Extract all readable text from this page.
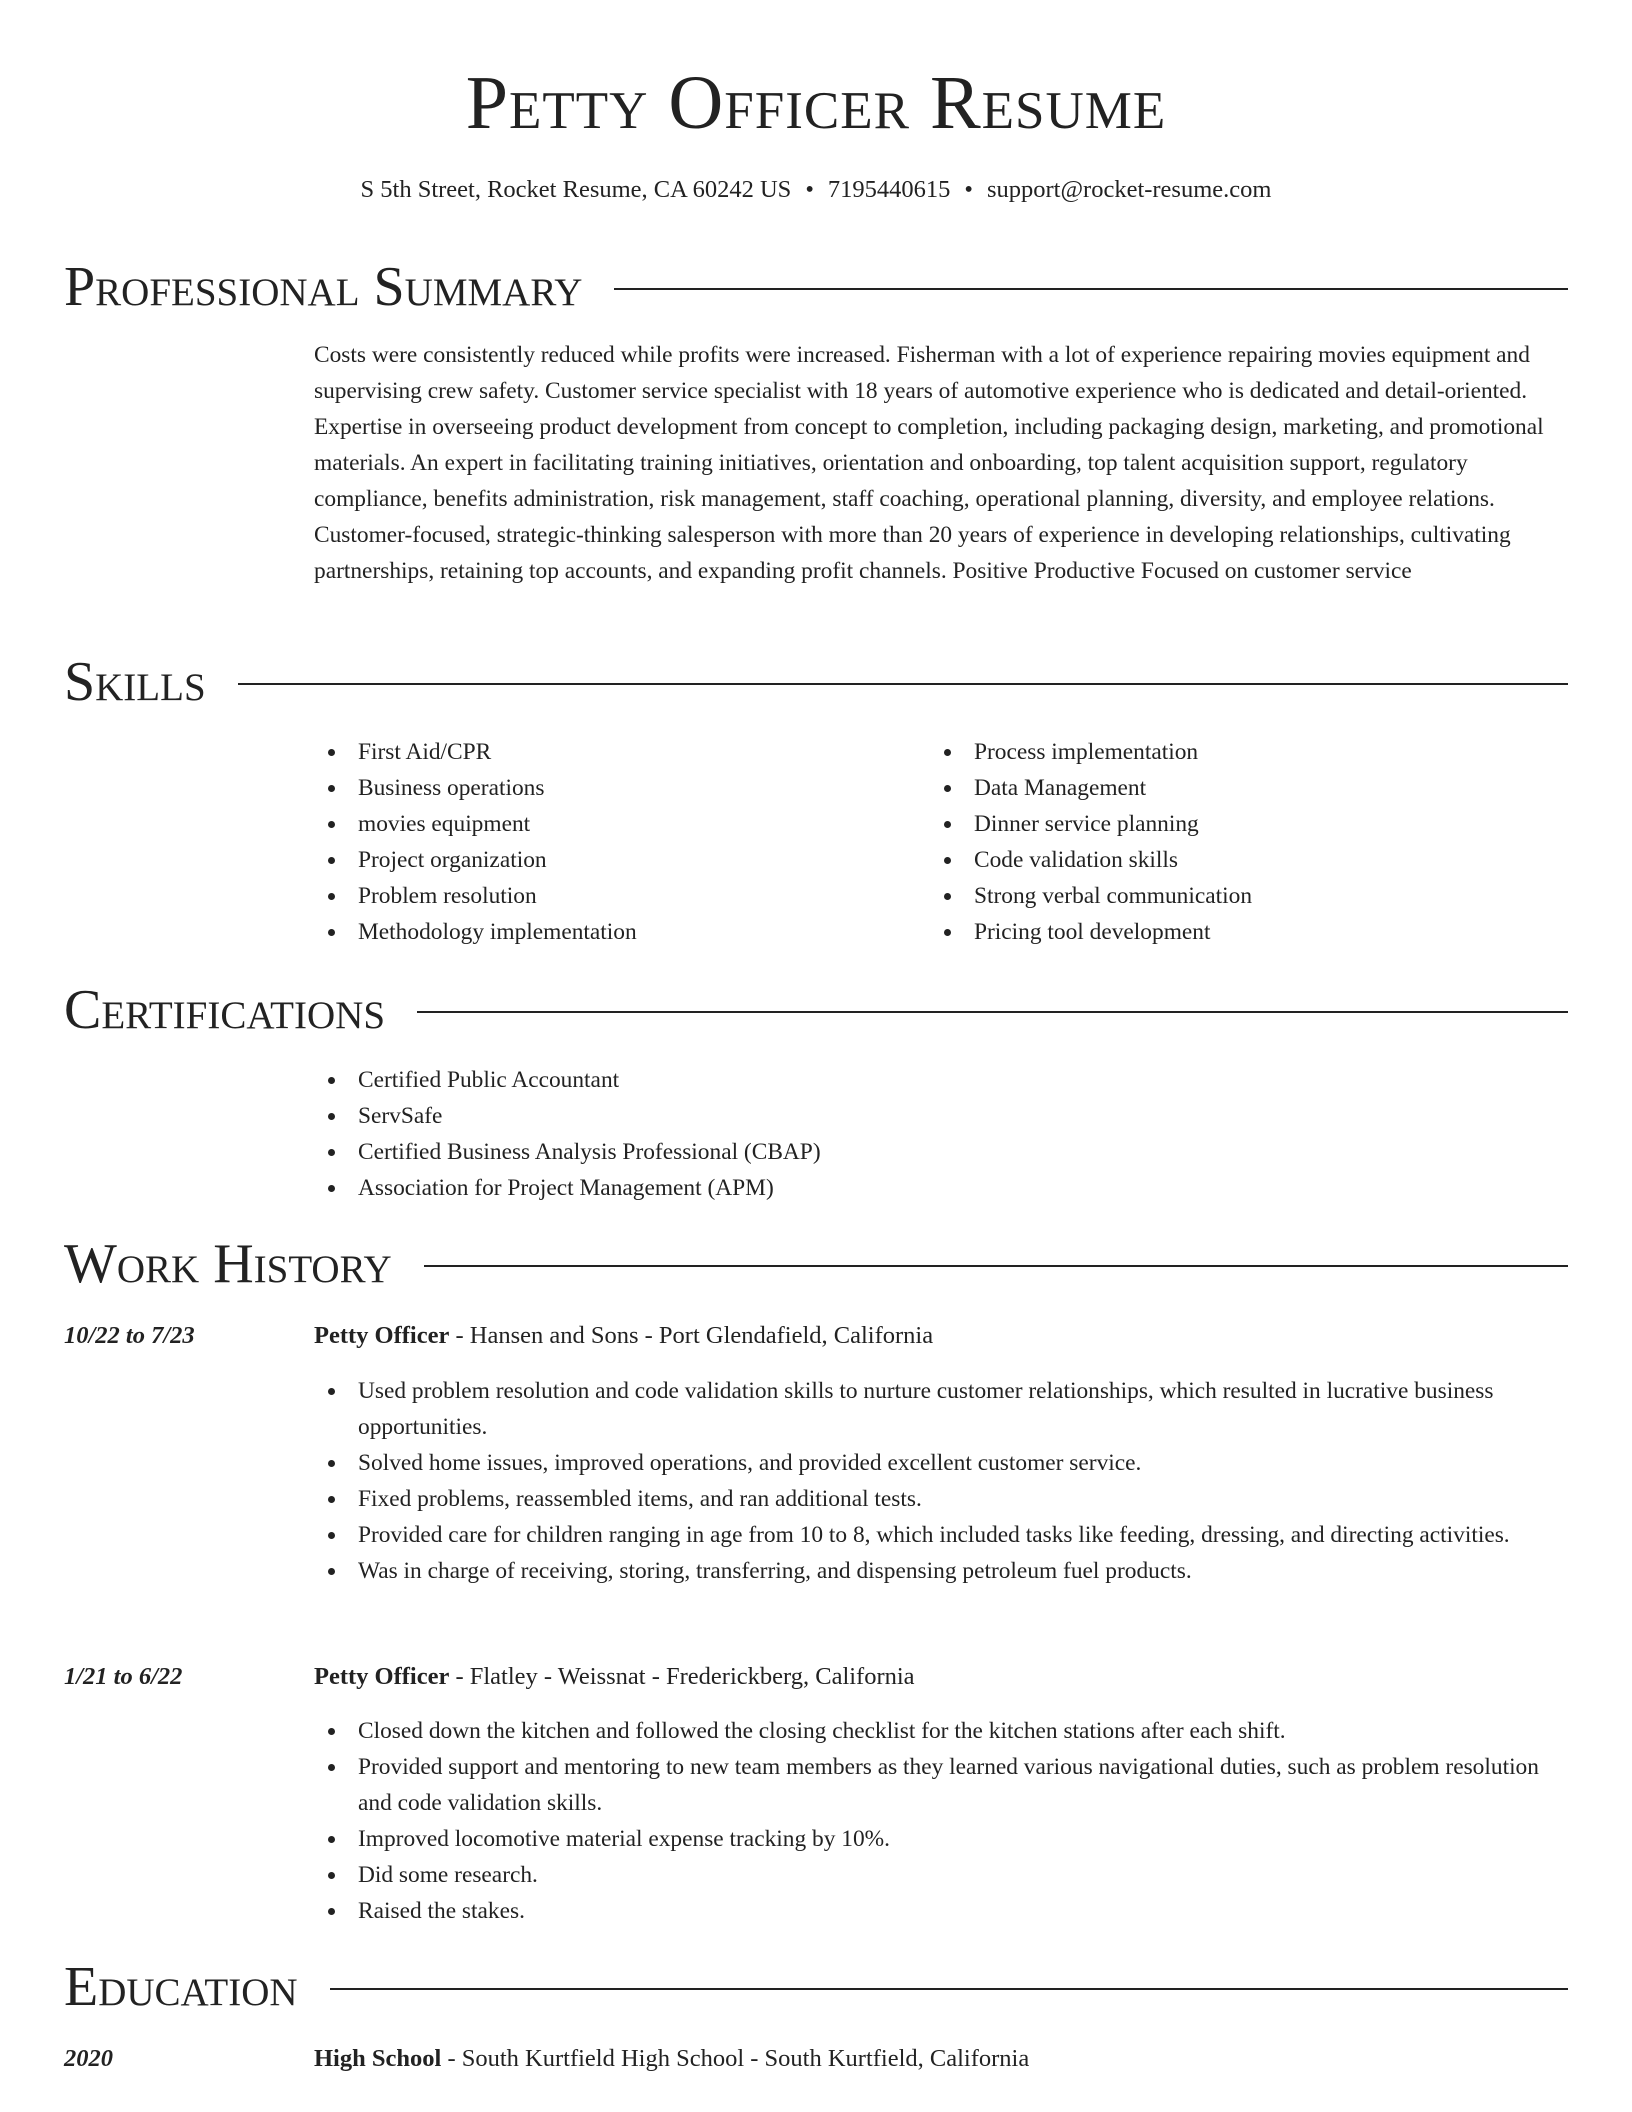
Petty Officer Resume
S 5th Street, Rocket Resume, CA 60242 US • 7195440615 • support@rocket-resume.com
Professional Summary

Costs were consistently reduced while profits were increased. Fisherman with a lot of experience repairing movies equipment and supervising crew safety. Customer service specialist with 18 years of automotive experience who is dedicated and detail-oriented. Expertise in overseeing product development from concept to completion, including packaging design, marketing, and promotional materials. An expert in facilitating training initiatives, orientation and onboarding, top talent acquisition support, regulatory compliance, benefits administration, risk management, staff coaching, operational planning, diversity, and employee relations. Customer-focused, strategic-thinking salesperson with more than 20 years of experience in developing relationships, cultivating partnerships, retaining top accounts, and expanding profit channels. Positive Productive Focused on customer service

Skills
First Aid/CPR
Business operations
movies equipment
Project organization
Problem resolution
Methodology implementation
Process implementation
Data Management
Dinner service planning
Code validation skills
Strong verbal communication
Pricing tool development
Certifications
Certified Public Accountant
ServSafe
Certified Business Analysis Professional (CBAP)
Association for Project Management (APM)
Work History
10/22 to 7/23	Petty Officer - Hansen and Sons - Port Glendafield, California
Used problem resolution and code validation skills to nurture customer relationships, which resulted in lucrative business opportunities.
Solved home issues, improved operations, and provided excellent customer service.
Fixed problems, reassembled items, and ran additional tests.
Provided care for children ranging in age from 10 to 8, which included tasks like feeding, dressing, and directing activities.
Was in charge of receiving, storing, transferring, and dispensing petroleum fuel products.
1/21 to 6/22	Petty Officer - Flatley - Weissnat - Frederickberg, California
Closed down the kitchen and followed the closing checklist for the kitchen stations after each shift.
Provided support and mentoring to new team members as they learned various navigational duties, such as problem resolution and code validation skills.
Improved locomotive material expense tracking by 10%.
Did some research.
Raised the stakes.
Education
2020	High School - South Kurtfield High School - South Kurtfield, California
